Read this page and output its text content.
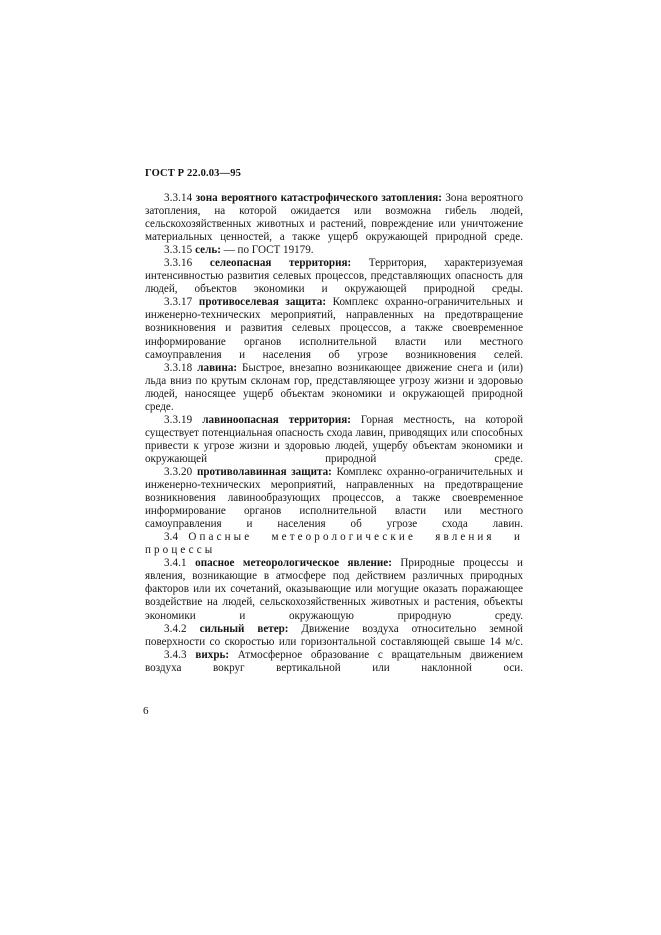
ГОСТ Р 22.0.03—95

3.3.14 зона вероятного катастрофического затопления: Зона вероятного затопления, на которой ожидается или возможна гибель людей, сельскохозяйственных животных и растений, повреждение или уничтожение материальных ценностей, а также ущерб окружающей природной среде.

3.3.15 сель: — по ГОСТ 19179.

3.3.16 селеопасная территория: Территория, характеризуемая интенсивностью развития селевых процессов, представляющих опасность для людей, объектов экономики и окружающей природной среды.

3.3.17 противоселевая защита: Комплекс охранно-ограничительных и инженерно-технических мероприятий, направленных на предотвращение возникновения и развития селевых процессов, а также своевременное информирование органов исполнительной власти или местного самоуправления и населения об угрозе возникновения селей.

3.3.18 лавина: Быстрое, внезапно возникающее движение снега и (или) льда вниз по крутым склонам гор, представляющее угрозу жизни и здоровью людей, наносящее ущерб объектам экономики и окружающей природной среде.

3.3.19 лавиноопасная территория: Горная местность, на которой существует потенциальная опасность схода лавин, приводящих или способных привести к угрозе жизни и здоровью людей, ущербу объектам экономики и окружающей природной среде.

3.3.20 противолавинная защита: Комплекс охранно-ограничительных и инженерно-технических мероприятий, направленных на предотвращение возникновения лавинообразующих процессов, а также своевременное информирование органов исполнительной власти или местного самоуправления и населения об угрозе схода лавин.

3.4 Опасные метеорологические явления и процессы

3.4.1 опасное метеорологическое явление: Природные процессы и явления, возникающие в атмосфере под действием различных природных факторов или их сочетаний, оказывающие или могущие оказать поражающее воздействие на людей, сельскохозяйственных животных и растения, объекты экономики и окружающую природную среду.

3.4.2 сильный ветер: Движение воздуха относительно земной поверхности со скоростью или горизонтальной составляющей свыше 14 м/с.

3.4.3 вихрь: Атмосферное образование с вращательным движением воздуха вокруг вертикальной или наклонной оси.

6
